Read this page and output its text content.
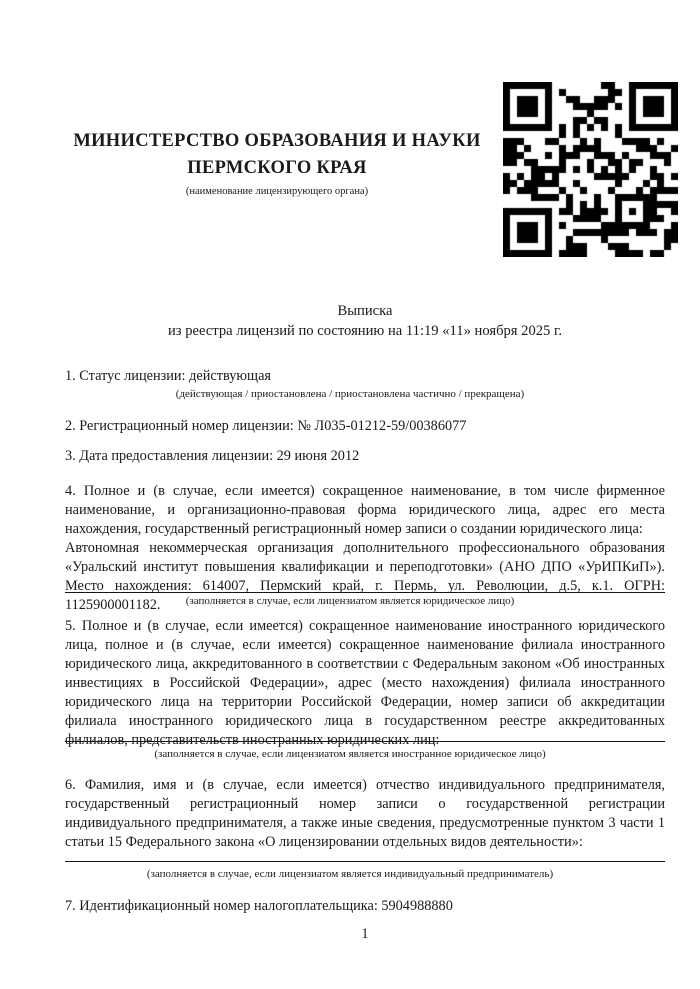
МИНИСТЕРСТВО ОБРАЗОВАНИЯ И НАУКИ
ПЕРМСКОГО КРАЯ
(наименование лицензирующего органа)
Выписка
из реестра лицензий по состоянию на 11:19 «11» ноября 2025 г.
1. Статус лицензии: действующая
(действующая / приостановлена / приостановлена частично / прекращена)
2. Регистрационный номер лицензии: № Л035-01212-59/00386077
3. Дата предоставления лицензии: 29 июня 2012
4. Полное и (в случае, если имеется) сокращенное наименование, в том числе фирменное наименование, и организационно-правовая форма юридического лица, адрес его места нахождения, государственный регистрационный номер записи о создании юридического лица:
Автономная некоммерческая организация дополнительного профессионального образования «Уральский институт повышения квалификации и переподготовки» (АНО ДПО «УрИПКиП»). Место нахождения: 614007, Пермский край, г. Пермь, ул. Революции, д.5, к.1. ОГРН: 1125900001182.	(заполняется в случае, если лицензиатом является юридическое лицо)
5. Полное и (в случае, если имеется) сокращенное наименование иностранного юридического лица, полное и (в случае, если имеется) сокращенное наименование филиала иностранного юридического лица, аккредитованного в соответствии с Федеральным законом «Об иностранных инвестициях в Российской Федерации», адрес (место нахождения) филиала иностранного юридического лица на территории Российской Федерации, номер записи об аккредитации филиала иностранного юридического лица в государственном реестре аккредитованных филиалов, представительств иностранных юридических лиц:
(заполняется в случае, если лицензиатом является иностранное юридическое лицо)
6. Фамилия, имя и (в случае, если имеется) отчество индивидуального предпринимателя, государственный регистрационный номер записи о государственной регистрации индивидуального предпринимателя, а также иные сведения, предусмотренные пунктом 3 части 1 статьи 15 Федерального закона «О лицензировании отдельных видов деятельности»:
(заполняется в случае, если лицензиатом является индивидуальный предприниматель)
7. Идентификационный номер налогоплательщика: 5904988880
1
